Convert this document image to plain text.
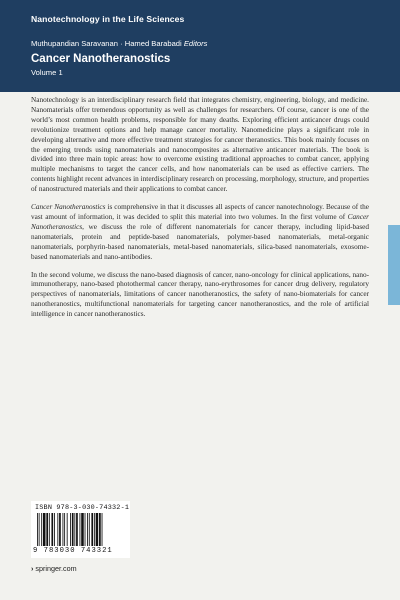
Nanotechnology in the Life Sciences
Muthupandian Saravanan · Hamed Barabadi Editors
Cancer Nanotheranostics
Volume 1

Nanotechnology is an interdisciplinary research field that integrates chemistry, engineering, biology, and medicine. Nanomaterials offer tremendous opportunity as well as challenges for researchers. Of course, cancer is one of the world’s most common health problems, responsible for many deaths. Exploring efficient anticancer drugs could revolutionize treatment options and help manage cancer mortality. Nanomedicine plays a significant role in developing alternative and more effective treatment strategies for cancer theranostics. This book mainly focuses on the emerging trends using nanomaterials and nanocomposites as alternative anticancer materials. The book is divided into three main topic areas: how to overcome existing traditional approaches to combat cancer, applying multiple mechanisms to target the cancer cells, and how nanomaterials can be used as effective carriers. The contents highlight recent advances in interdisciplinary research on processing, morphology, structure, and properties of nanostructured materials and their applications to combat cancer.

Cancer Nanotheranostics is comprehensive in that it discusses all aspects of cancer nanotechnology. Because of the vast amount of information, it was decided to split this material into two volumes. In the first volume of Cancer Nanotheranostics, we discuss the role of different nanomaterials for cancer therapy, including lipid-based nanomaterials, protein and peptide-based nanomaterials, polymer-based nanomaterials, metal-organic nanomaterials, porphyrin-based nanomaterials, metal-based nanomaterials, silica-based nanomaterials, exosome-based nanomaterials and nano-antibodies.

In the second volume, we discuss the nano-based diagnosis of cancer, nano-oncology for clinical applications, nano-immunotherapy, nano-based photothermal cancer therapy, nano-erythrosomes for cancer drug delivery, regulatory perspectives of nanomaterials, limitations of cancer nanotheranostics, the safety of nano-biomaterials for cancer nanotheranostics, multifunctional nanomaterials for targeting cancer nanotheranostics, and the role of artificial intelligence in cancer nanotheranostics.

ISBN 978-3-030-74332-1
9 783030 743321
› springer.com
